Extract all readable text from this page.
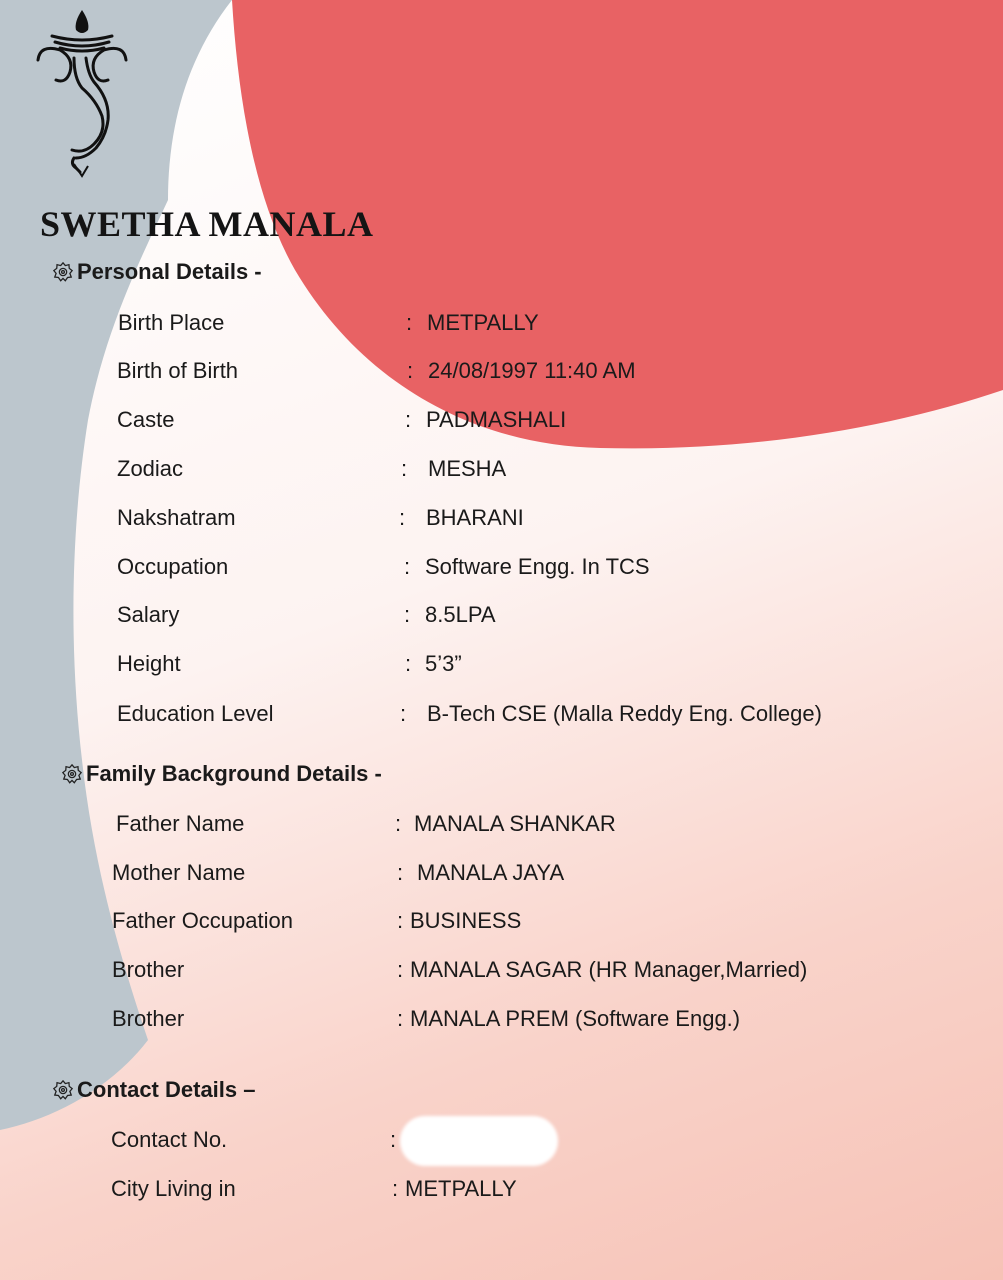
SWETHA MANALA
Personal Details -
Birth Place	: METPALLY
Birth of Birth	: 24/08/1997 11:40 AM
Caste	: PADMASHALI
Zodiac	: MESHA
Nakshatram	: BHARANI
Occupation	: Software Engg. In TCS
Salary	: 8.5LPA
Height	: 5’3”
Education Level	: B-Tech CSE (Malla Reddy Eng. College)
Family Background Details -
Father Name	: MANALA SHANKAR
Mother Name	: MANALA JAYA
Father Occupation	: BUSINESS
Brother	: MANALA SAGAR (HR Manager,Married)
Brother	: MANALA PREM (Software Engg.)
Contact Details –
Contact No.	:
City Living in	: METPALLY
